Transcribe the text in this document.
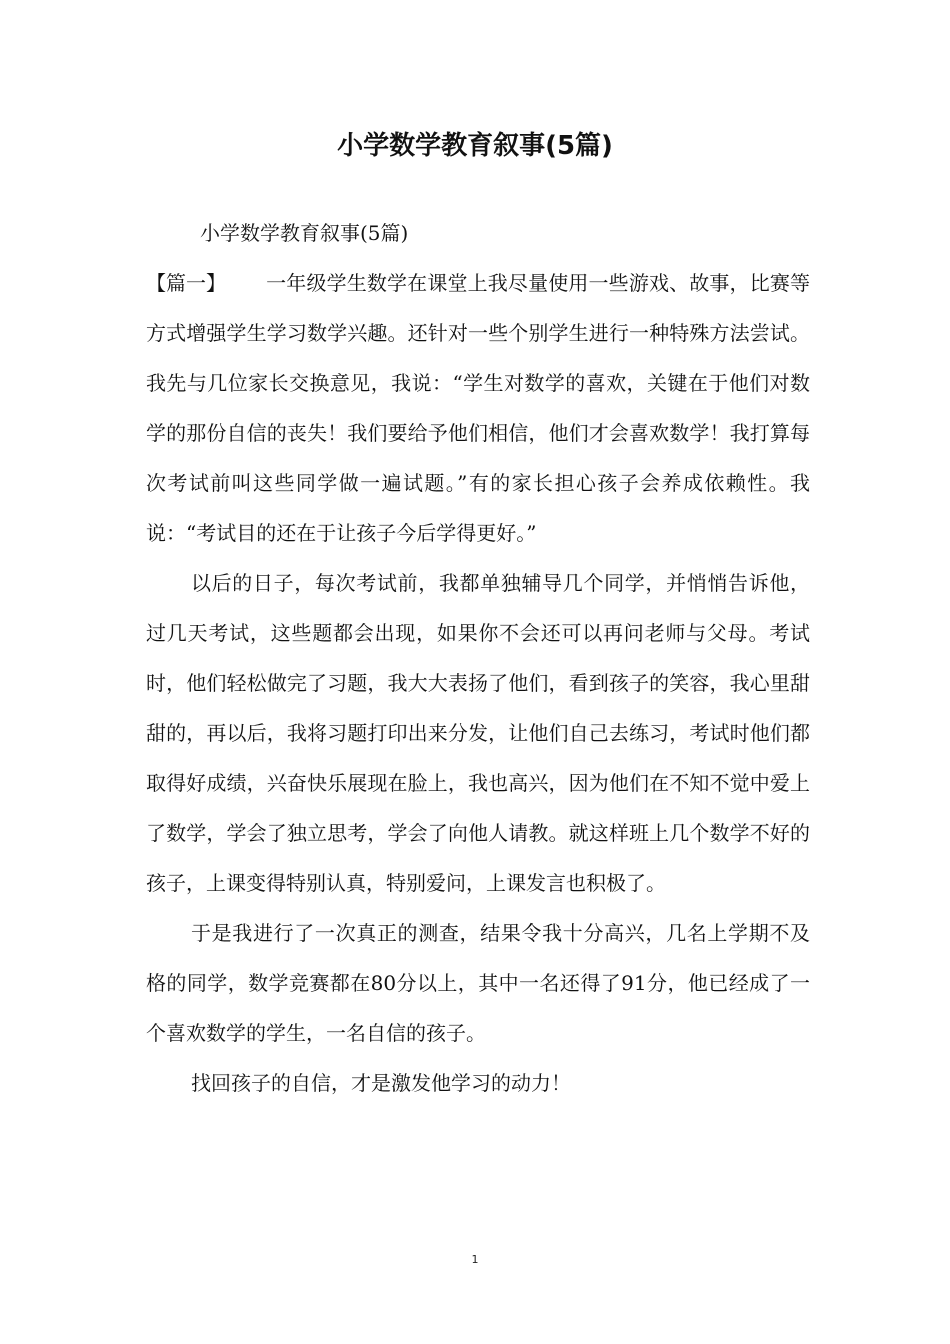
小学数学教育叙事(5篇)

小学数学教育叙事(5篇)

【篇一】 一年级学生数学在课堂上我尽量使用一些游戏、故事，比赛等方式增强学生学习数学兴趣。还针对一些个别学生进行一种特殊方法尝试。我先与几位家长交换意见，我说：“学生对数学的喜欢，关键在于他们对数学的那份自信的丧失！我们要给予他们相信，他们才会喜欢数学！我打算每次考试前叫这些同学做一遍试题。”有的家长担心孩子会养成依赖性。我说：“考试目的还在于让孩子今后学得更好。”

以后的日子，每次考试前，我都单独辅导几个同学，并悄悄告诉他，过几天考试，这些题都会出现，如果你不会还可以再问老师与父母。考试时，他们轻松做完了习题，我大大表扬了他们，看到孩子的笑容，我心里甜甜的，再以后，我将习题打印出来分发，让他们自己去练习，考试时他们都取得好成绩，兴奋快乐展现在脸上，我也高兴，因为他们在不知不觉中爱上了数学，学会了独立思考，学会了向他人请教。就这样班上几个数学不好的孩子，上课变得特别认真，特别爱问，上课发言也积极了。

于是我进行了一次真正的测查，结果令我十分高兴，几名上学期不及格的同学，数学竞赛都在80分以上，其中一名还得了91分，他已经成了一个喜欢数学的学生，一名自信的孩子。

找回孩子的自信，才是激发他学习的动力！

1
